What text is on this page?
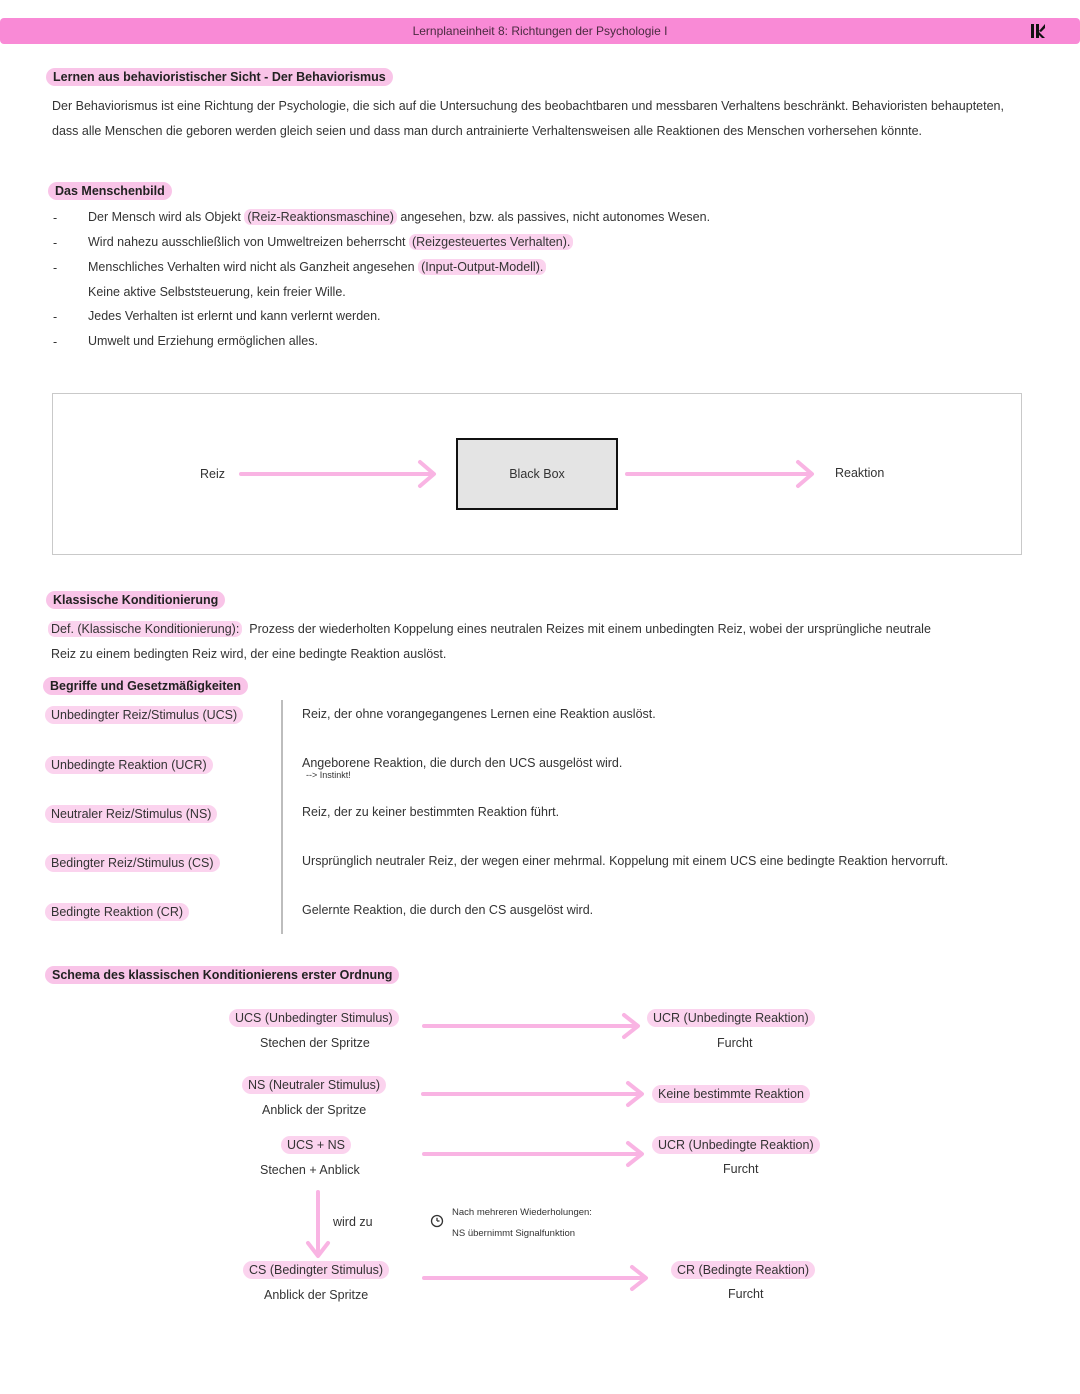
Lernplaneinheit 8: Richtungen der Psychologie I
Lernen aus behavioristischer Sicht - Der Behaviorismus
Der Behaviorismus ist eine Richtung der Psychologie, die sich auf die Untersuchung des beobachtbaren und messbaren Verhaltens beschränkt. Behavioristen behaupteten, dass alle Menschen die geboren werden gleich seien und dass man durch antrainierte Verhaltensweisen alle Reaktionen des Menschen vorhersehen könnte.
Das Menschenbild
- Der Mensch wird als Objekt (Reiz-Reaktionsmaschine) angesehen, bzw. als passives, nicht autonomes Wesen.
- Wird nahezu ausschließlich von Umweltreizen beherrscht (Reizgesteuertes Verhalten).
- Menschliches Verhalten wird nicht als Ganzheit angesehen (Input-Output-Modell).
Keine aktive Selbststeuerung, kein freier Wille.
- Jedes Verhalten ist erlernt und kann verlernt werden.
- Umwelt und Erziehung ermöglichen alles.
Reiz	Black Box	Reaktion
Klassische Konditionierung
Def. (Klassische Konditionierung): Prozess der wiederholten Koppelung eines neutralen Reizes mit einem unbedingten Reiz, wobei der ursprüngliche neutrale
Reiz zu einem bedingten Reiz wird, der eine bedingte Reaktion auslöst.
Begriffe und Gesetzmäßigkeiten
Unbedingter Reiz/Stimulus (UCS)	Reiz, der ohne vorangegangenes Lernen eine Reaktion auslöst.
Unbedingte Reaktion (UCR)	Angeborene Reaktion, die durch den UCS ausgelöst wird.
--> Instinkt!
Neutraler Reiz/Stimulus (NS)	Reiz, der zu keiner bestimmten Reaktion führt.
Bedingter Reiz/Stimulus (CS)	Ursprünglich neutraler Reiz, der wegen einer mehrmal. Koppelung mit einem UCS eine bedingte Reaktion hervorruft.
Bedingte Reaktion (CR)	Gelernte Reaktion, die durch den CS ausgelöst wird.
Schema des klassischen Konditionierens erster Ordnung
UCS (Unbedingter Stimulus)
Stechen der Spritze
UCR (Unbedingte Reaktion)
Furcht
NS (Neutraler Stimulus)
Anblick der Spritze
Keine bestimmte Reaktion
UCS + NS
Stechen + Anblick
UCR (Unbedingte Reaktion)
Furcht
wird zu
Nach mehreren Wiederholungen:
NS übernimmt Signalfunktion
CS (Bedingter Stimulus)
Anblick der Spritze
CR (Bedingte Reaktion)
Furcht
